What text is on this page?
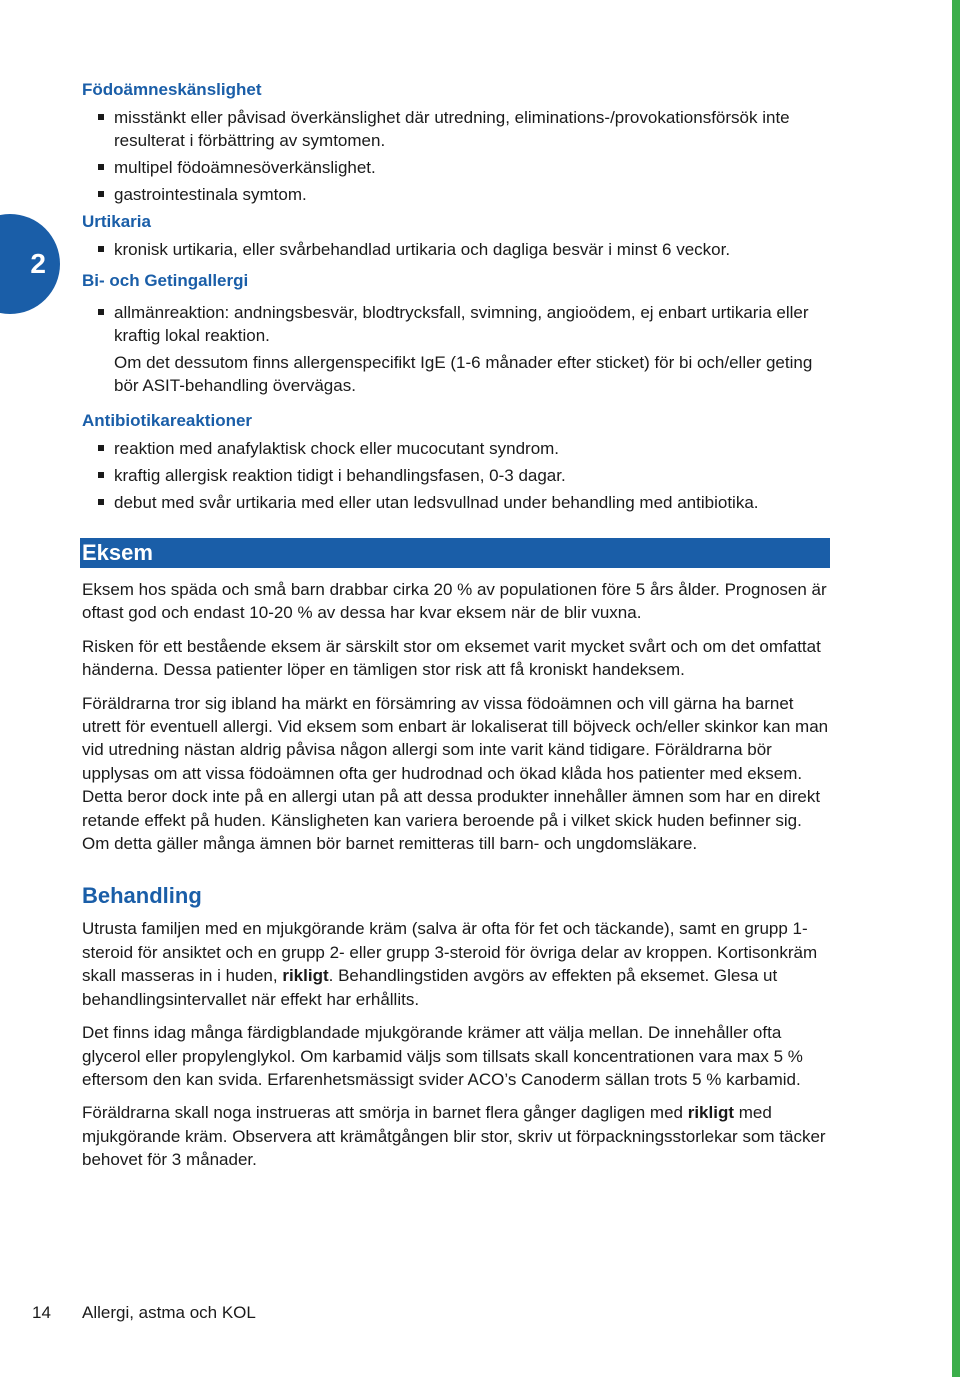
2

Födoämneskänslighet

misstänkt eller påvisad överkänslighet där utredning, eliminations-/provokationsförsök inte resulterat i förbättring av symtomen.
multipel födoämnesöverkänslighet.
gastrointestinala symtom.

Urtikaria

kronisk urtikaria, eller svårbehandlad urtikaria och dagliga besvär i minst 6 veckor.

Bi- och Getingallergi

allmänreaktion: andningsbesvär, blodtrycksfall, svimning, angioödem, ej enbart urtikaria eller kraftig lokal reaktion.

Om det dessutom finns allergenspecifikt IgE (1-6 månader efter sticket) för bi och/eller geting bör ASIT-behandling övervägas.

Antibiotikareaktioner

reaktion med anafylaktisk chock eller mucocutant syndrom.
kraftig allergisk reaktion tidigt i behandlingsfasen, 0-3 dagar.
debut med svår urtikaria med eller utan ledsvullnad under behandling med antibiotika.
Eksem

Eksem hos späda och små barn drabbar cirka 20 % av populationen före 5 års ålder. Prognosen är oftast god och endast 10-20 % av dessa har kvar eksem när de blir vuxna.

Risken för ett bestående eksem är särskilt stor om eksemet varit mycket svårt och om det omfattat händerna. Dessa patienter löper en tämligen stor risk att få kroniskt handeksem.

Föräldrarna tror sig ibland ha märkt en försämring av vissa födoämnen och vill gärna ha barnet utrett för eventuell allergi. Vid eksem som enbart är lokaliserat till böjveck och/eller skinkor kan man vid utredning nästan aldrig påvisa någon allergi som inte varit känd tidigare. Föräldrarna bör upplysas om att vissa födoämnen ofta ger hudrodnad och ökad klåda hos patienter med eksem. Detta beror dock inte på en allergi utan på att dessa produkter innehåller ämnen som har en direkt retande effekt på huden. Känsligheten kan variera beroende på i vilket skick huden befinner sig. Om detta gäller många ämnen bör barnet remitteras till barn- och ungdomsläkare.

Behandling

Utrusta familjen med en mjukgörande kräm (salva är ofta för fet och täckande), samt en grupp 1-steroid för ansiktet och en grupp 2- eller grupp 3-steroid för övriga delar av kroppen. Kortisonkräm skall masseras in i huden, rikligt. Behandlingstiden avgörs av effekten på eksemet. Glesa ut behandlingsintervallet när effekt har erhållits.

Det finns idag många färdigblandade mjukgörande krämer att välja mellan. De innehåller ofta glycerol eller propylenglykol. Om karbamid väljs som tillsats skall koncentrationen vara max 5 % eftersom den kan svida. Erfarenhetsmässigt svider ACO’s Canoderm sällan trots 5 % karbamid.

Föräldrarna skall noga instrueras att smörja in barnet flera gånger dagligen med rikligt med mjukgörande kräm. Observera att krämåtgången blir stor, skriv ut förpackningsstorlekar som täcker behovet för 3 månader.

14 Allergi, astma och KOL
